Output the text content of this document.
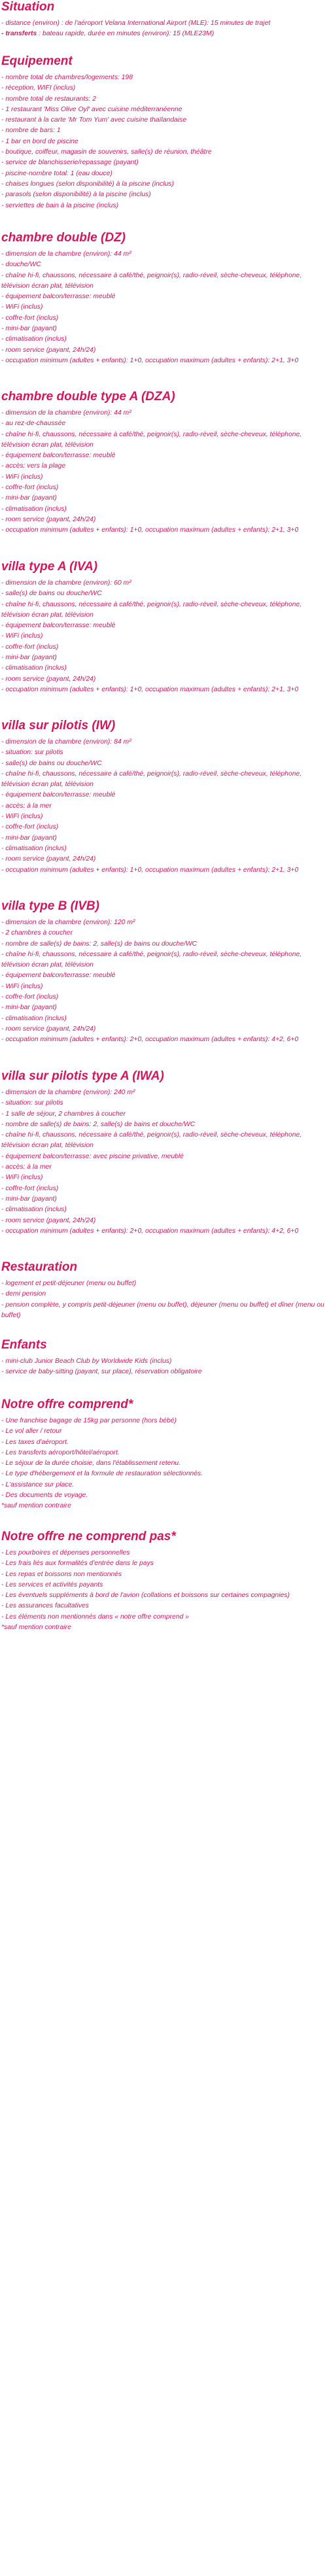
Situation
- distance (environ) : de l'aéroport Velana International Airport (MLE): 15 minutes de trajet
- transferts : bateau rapide, durée en minutes (environ): 15 (MLE23M)
Equipement
- nombre total de chambres/logements: 198
- réception, WIFI (inclus)
- nombre total de restaurants: 2
- 1 restaurant 'Miss Olive Oyl' avec cuisine méditerranéenne
- restaurant à la carte 'Mr Tom Yum' avec cuisine thaïlandaise
- nombre de bars: 1
- 1 bar en bord de piscine
- boutique, coiffeur, magasin de souvenirs, salle(s) de réunion, théâtre
- service de blanchisserie/repassage (payant)
- piscine-nombre total: 1 (eau douce)
- chaises longues (selon disponibilité) à la piscine (inclus)
- parasols (selon disponibilité) à la piscine (inclus)
- serviettes de bain à la piscine (inclus)
chambre double (DZ)
- dimension de la chambre (environ): 44 m²
- douche/WC
- chaîne hi-fi, chaussons, nécessaire à café/thé, peignoir(s), radio-réveil, sèche-cheveux, téléphone, télévision écran plat, télévision
- équipement balcon/terrasse: meublé
- WiFi (inclus)
- coffre-fort (inclus)
- mini-bar (payant)
- climatisation (inclus)
- room service (payant, 24h/24)
- occupation minimum (adultes + enfants): 1+0, occupation maximum (adultes + enfants): 2+1, 3+0
chambre double type A (DZA)
- dimension de la chambre (environ): 44 m²
- au rez-de-chaussée
- chaîne hi-fi, chaussons, nécessaire à café/thé, peignoir(s), radio-réveil, sèche-cheveux, téléphone, télévision écran plat, télévision
- équipement balcon/terrasse: meublé
- accès: vers la plage
- WiFi (inclus)
- coffre-fort (inclus)
- mini-bar (payant)
- climatisation (inclus)
- room service (payant, 24h/24)
- occupation minimum (adultes + enfants): 1+0, occupation maximum (adultes + enfants): 2+1, 3+0
villa type A (IVA)
- dimension de la chambre (environ): 60 m²
- salle(s) de bains ou douche/WC
- chaîne hi-fi, chaussons, nécessaire à café/thé, peignoir(s), radio-réveil, sèche-cheveux, téléphone, télévision écran plat, télévision
- équipement balcon/terrasse: meublé
- WiFi (inclus)
- coffre-fort (inclus)
- mini-bar (payant)
- climatisation (inclus)
- room service (payant, 24h/24)
- occupation minimum (adultes + enfants): 1+0, occupation maximum (adultes + enfants): 2+1, 3+0
villa sur pilotis (IW)
- dimension de la chambre (environ): 84 m²
- situation: sur pilotis
- salle(s) de bains ou douche/WC
- chaîne hi-fi, chaussons, nécessaire à café/thé, peignoir(s), radio-réveil, sèche-cheveux, téléphone, télévision écran plat, télévision
- équipement balcon/terrasse: meublé
- accès: à la mer
- WiFi (inclus)
- coffre-fort (inclus)
- mini-bar (payant)
- climatisation (inclus)
- room service (payant, 24h/24)
- occupation minimum (adultes + enfants): 1+0, occupation maximum (adultes + enfants): 2+1, 3+0
villa type B (IVB)
- dimension de la chambre (environ): 120 m²
- 2 chambres à coucher
- nombre de salle(s) de bains: 2, salle(s) de bains ou douche/WC
- chaîne hi-fi, chaussons, nécessaire à café/thé, peignoir(s), radio-réveil, sèche-cheveux, téléphone, télévision écran plat, télévision
- équipement balcon/terrasse: meublé
- WiFi (inclus)
- coffre-fort (inclus)
- mini-bar (payant)
- climatisation (inclus)
- room service (payant, 24h/24)
- occupation minimum (adultes + enfants): 2+0, occupation maximum (adultes + enfants): 4+2, 6+0
villa sur pilotis type A (IWA)
- dimension de la chambre (environ): 240 m²
- situation: sur pilotis
- 1 salle de séjour, 2 chambres à coucher
- nombre de salle(s) de bains: 2, salle(s) de bains et douche/WC
- chaîne hi-fi, chaussons, nécessaire à café/thé, peignoir(s), radio-réveil, sèche-cheveux, téléphone, télévision écran plat, télévision
- équipement balcon/terrasse: avec piscine privative, meublé
- accès: à la mer
- WiFi (inclus)
- coffre-fort (inclus)
- mini-bar (payant)
- climatisation (inclus)
- room service (payant, 24h/24)
- occupation minimum (adultes + enfants): 2+0, occupation maximum (adultes + enfants): 4+2, 6+0
Restauration
- logement et petit-déjeuner (menu ou buffet)
- demi pension
- pension complète, y compris petit-déjeuner (menu ou buffet), déjeuner (menu ou buffet) et dîner (menu ou buffet)
Enfants
- mini-club Junior Beach Club by Worldwide Kids (inclus)
- service de baby-sitting (payant, sur place), réservation obligatoire
Notre offre comprend*
- Une franchise bagage de 15kg par personne (hors bébé)
- Le vol aller / retour
- Les taxes d'aéroport.
- Les transferts aéroport/hôtel/aéroport.
- Le séjour de la durée choisie, dans l'établissement retenu.
- Le type d'hébergement et la formule de restauration sélectionnés.
- L'assistance sur place.
- Des documents de voyage.
*sauf mention contraire
Notre offre ne comprend pas*
- Les pourboires et dépenses personnelles
- Les frais liés aux formalités d'entrée dans le pays
- Les repas et boissons non mentionnés
- Les services et activités payants
- Les éventuels suppléments à bord de l'avion (collations et boissons sur certaines compagnies)
- Les assurances facultatives
- Les éléments non mentionnés dans « notre offre comprend »
*sauf mention contraire
